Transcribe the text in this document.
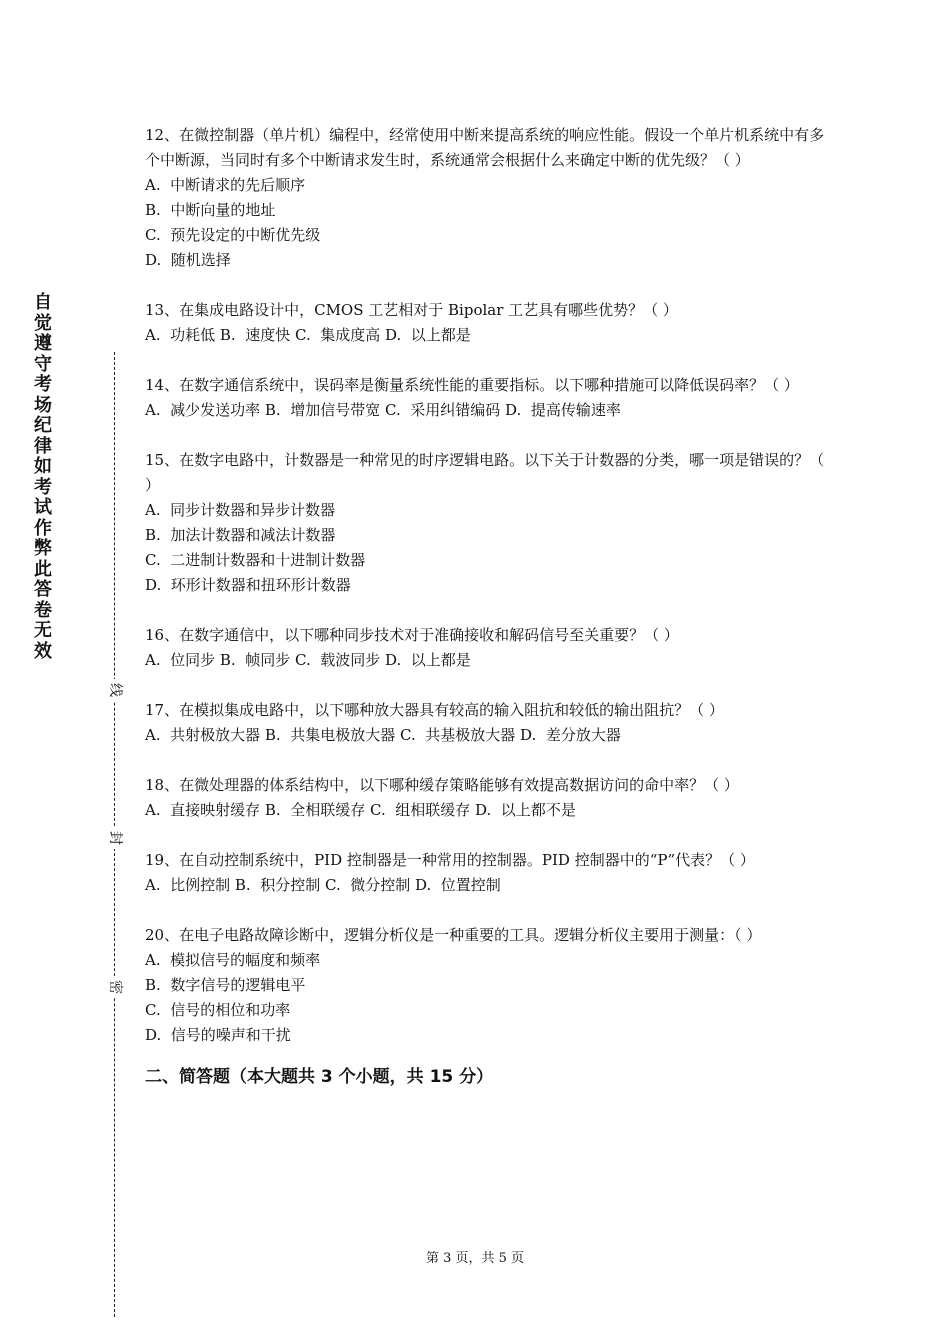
自觉遵守考场纪律如考试作弊此答卷无效
线
封
密

12、在微控制器（单片机）编程中，经常使用中断来提高系统的响应性能。假设一个单片机系统中有多个中断源，当同时有多个中断请求发生时，系统通常会根据什么来确定中断的优先级？（ ）

A.  中断请求的先后顺序

B.  中断向量的地址

C.  预先设定的中断优先级

D.  随机选择

13、在集成电路设计中，CMOS 工艺相对于 Bipolar 工艺具有哪些优势？（ ）

A.  功耗低 B.  速度快 C.  集成度高 D.  以上都是

14、在数字通信系统中，误码率是衡量系统性能的重要指标。以下哪种措施可以降低误码率？（ ）

A.  减少发送功率 B.  增加信号带宽 C.  采用纠错编码 D.  提高传输速率

15、在数字电路中，计数器是一种常见的时序逻辑电路。以下关于计数器的分类，哪一项是错误的？（ ）

A.  同步计数器和异步计数器

B.  加法计数器和减法计数器

C.  二进制计数器和十进制计数器

D.  环形计数器和扭环形计数器

16、在数字通信中，以下哪种同步技术对于准确接收和解码信号至关重要？（ ）

A.  位同步 B.  帧同步 C.  载波同步 D.  以上都是

17、在模拟集成电路中，以下哪种放大器具有较高的输入阻抗和较低的输出阻抗？（ ）

A.  共射极放大器 B.  共集电极放大器 C.  共基极放大器 D.  差分放大器

18、在微处理器的体系结构中，以下哪种缓存策略能够有效提高数据访问的命中率？（ ）

A.  直接映射缓存 B.  全相联缓存 C.  组相联缓存 D.  以上都不是

19、在自动控制系统中，PID 控制器是一种常用的控制器。PID 控制器中的“P”代表？（ ）

A.  比例控制 B.  积分控制 C.  微分控制 D.  位置控制

20、在电子电路故障诊断中，逻辑分析仪是一种重要的工具。逻辑分析仪主要用于测量：（ ）

A.  模拟信号的幅度和频率

B.  数字信号的逻辑电平

C.  信号的相位和功率

D.  信号的噪声和干扰

二、简答题（本大题共 3 个小题，共 15 分）
第 3 页，共 5 页
